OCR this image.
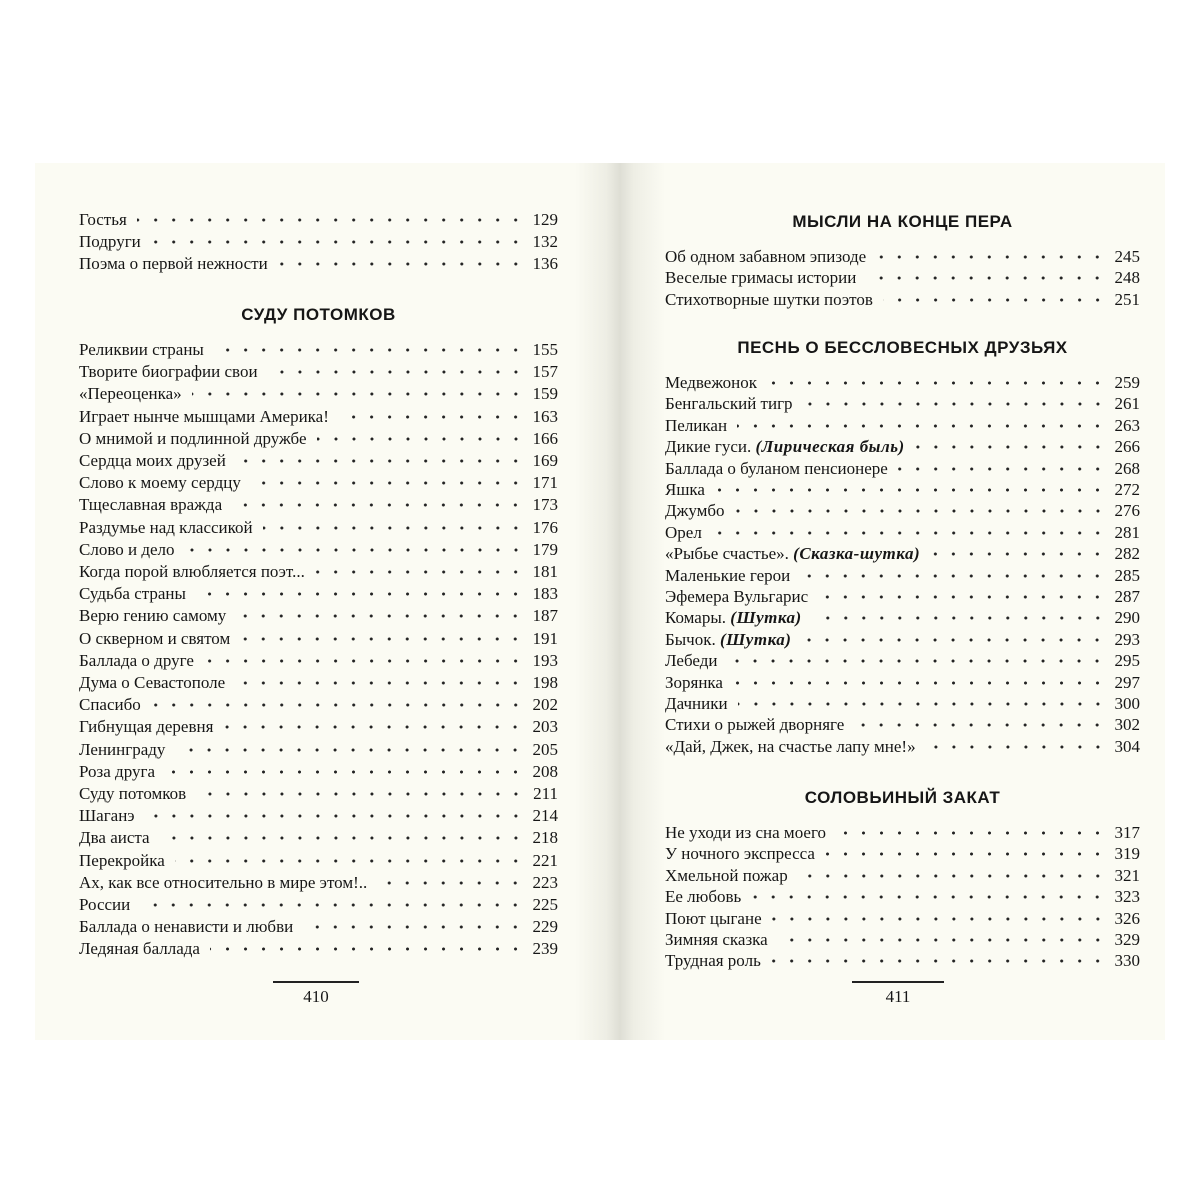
Гостья	129
Подруги	132
Поэма о первой нежности	136
СУДУ ПОТОМКОВ
Реликвии страны	155
Творите биографии свои	157
«Переоценка»	159
Играет нынче мышцами Америка!	163
О мнимой и подлинной дружбе	166
Сердца моих друзей	169
Слово к моему сердцу	171
Тщеславная вражда	173
Раздумье над классикой	176
Слово и дело	179
Когда порой влюбляется поэт...	181
Судьба страны	183
Верю гению самому	187
О скверном и святом	191
Баллада о друге	193
Дума о Севастополе	198
Спасибо	202
Гибнущая деревня	203
Ленинграду	205
Роза друга	208
Суду потомков	211
Шаганэ	214
Два аиста	218
Перекройка	221
Ах, как все относительно в мире этом!..	223
России	225
Баллада о ненависти и любви	229
Ледяная баллада	239
410
МЫСЛИ НА КОНЦЕ ПЕРА
Об одном забавном эпизоде	245
Веселые гримасы истории	248
Стихотворные шутки поэтов	251
ПЕСНЬ О БЕССЛОВЕСНЫХ ДРУЗЬЯХ
Медвежонок	259
Бенгальский тигр	261
Пеликан	263
Дикие гуси. (Лирическая быль)	266
Баллада о буланом пенсионере	268
Яшка	272
Джумбо	276
Орел	281
«Рыбье счастье». (Сказка-шутка)	282
Маленькие герои	285
Эфемера Вульгарис	287
Комары. (Шутка)	290
Бычок. (Шутка)	293
Лебеди	295
Зорянка	297
Дачники	300
Стихи о рыжей дворняге	302
«Дай, Джек, на счастье лапу мне!»	304
СОЛОВЬИНЫЙ ЗАКАТ
Не уходи из сна моего	317
У ночного экспресса	319
Хмельной пожар	321
Ее любовь	323
Поют цыгане	326
Зимняя сказка	329
Трудная роль	330
411
